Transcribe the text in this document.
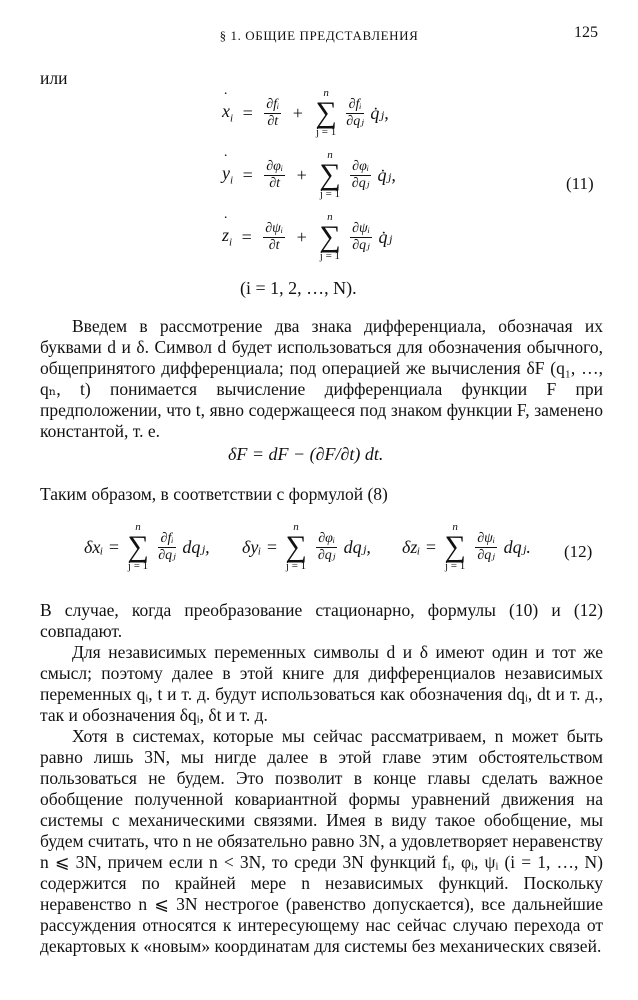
§ 1. ОБЩИЕ ПРЕДСТАВЛЕНИЯ	125
или
˙ $x_i = \frac{\text{∂fᵢ}}{\partial t}$ +
n
∑
j = 1

$\frac{\text{∂fᵢ}}{\text{∂qⱼ}}$ q̇ⱼ,
˙ $y_i = \frac{\text{∂φᵢ}}{\partial t}$ +
n
∑
j = 1

$\frac{\text{∂φᵢ}}{\text{∂qⱼ}}$ q̇ⱼ,
˙ $z_i = \frac{\text{∂ψᵢ}}{\partial t}$ +
n
∑
j = 1

$\frac{\text{∂ψᵢ}}{\text{∂qⱼ}}$ q̇ⱼ
(i = 1, 2, …, N).
(11)

Введем в рассмотрение два знака дифференциала, обозначая их буквами d и δ. Символ d будет использоваться для обозначения обычного, общепринятого дифференциала; под операцией же вычисления δF (q₁, …, qₙ, t) понимается вычисление дифференциала функции F при предположении, что t, явно содержащееся под знаком функции F, заменено константой, т. е.

δF = dF − (∂F/∂t) dt.

Таким образом, в соответствии с формулой (8)

δxᵢ =
n
∑
j = 1

$\frac{\text{∂fᵢ}}{\text{∂qⱼ}}$ dqⱼ, δyᵢ =
n
∑
j = 1

$\frac{\text{∂φᵢ}}{\text{∂qⱼ}}$ dqⱼ, δzᵢ =
n
∑
j = 1

$\frac{\text{∂ψᵢ}}{\text{∂qⱼ}}$ dqⱼ. (12)

В случае, когда преобразование стационарно, формулы (10) и (12) совпадают.

Для независимых переменных символы d и δ имеют один и тот же смысл; поэтому далее в этой книге для дифференциалов независимых переменных qᵢ, t и т. д. будут использоваться как обозначения dqᵢ, dt и т. д., так и обозначения δqᵢ, δt и т. д.

Хотя в системах, которые мы сейчас рассматриваем, n может быть равно лишь 3N, мы нигде далее в этой главе этим обстоятельством пользоваться не будем. Это позволит в конце главы сделать важное обобщение полученной ковариантной формы уравнений движения на системы с механическими связями. Имея в виду такое обобщение, мы будем считать, что n не обязательно равно 3N, а удовлетворяет неравенству n ⩽ 3N, причем если n < 3N, то среди 3N функций fᵢ, φᵢ, ψᵢ (i = 1, …, N) содержится по крайней мере n независимых функций. Поскольку неравенство n ⩽ 3N нестрогое (равенство допускается), все дальнейшие рассуждения относятся к интересующему нас сейчас случаю перехода от декартовых к «новым» координатам для системы без механических связей.
